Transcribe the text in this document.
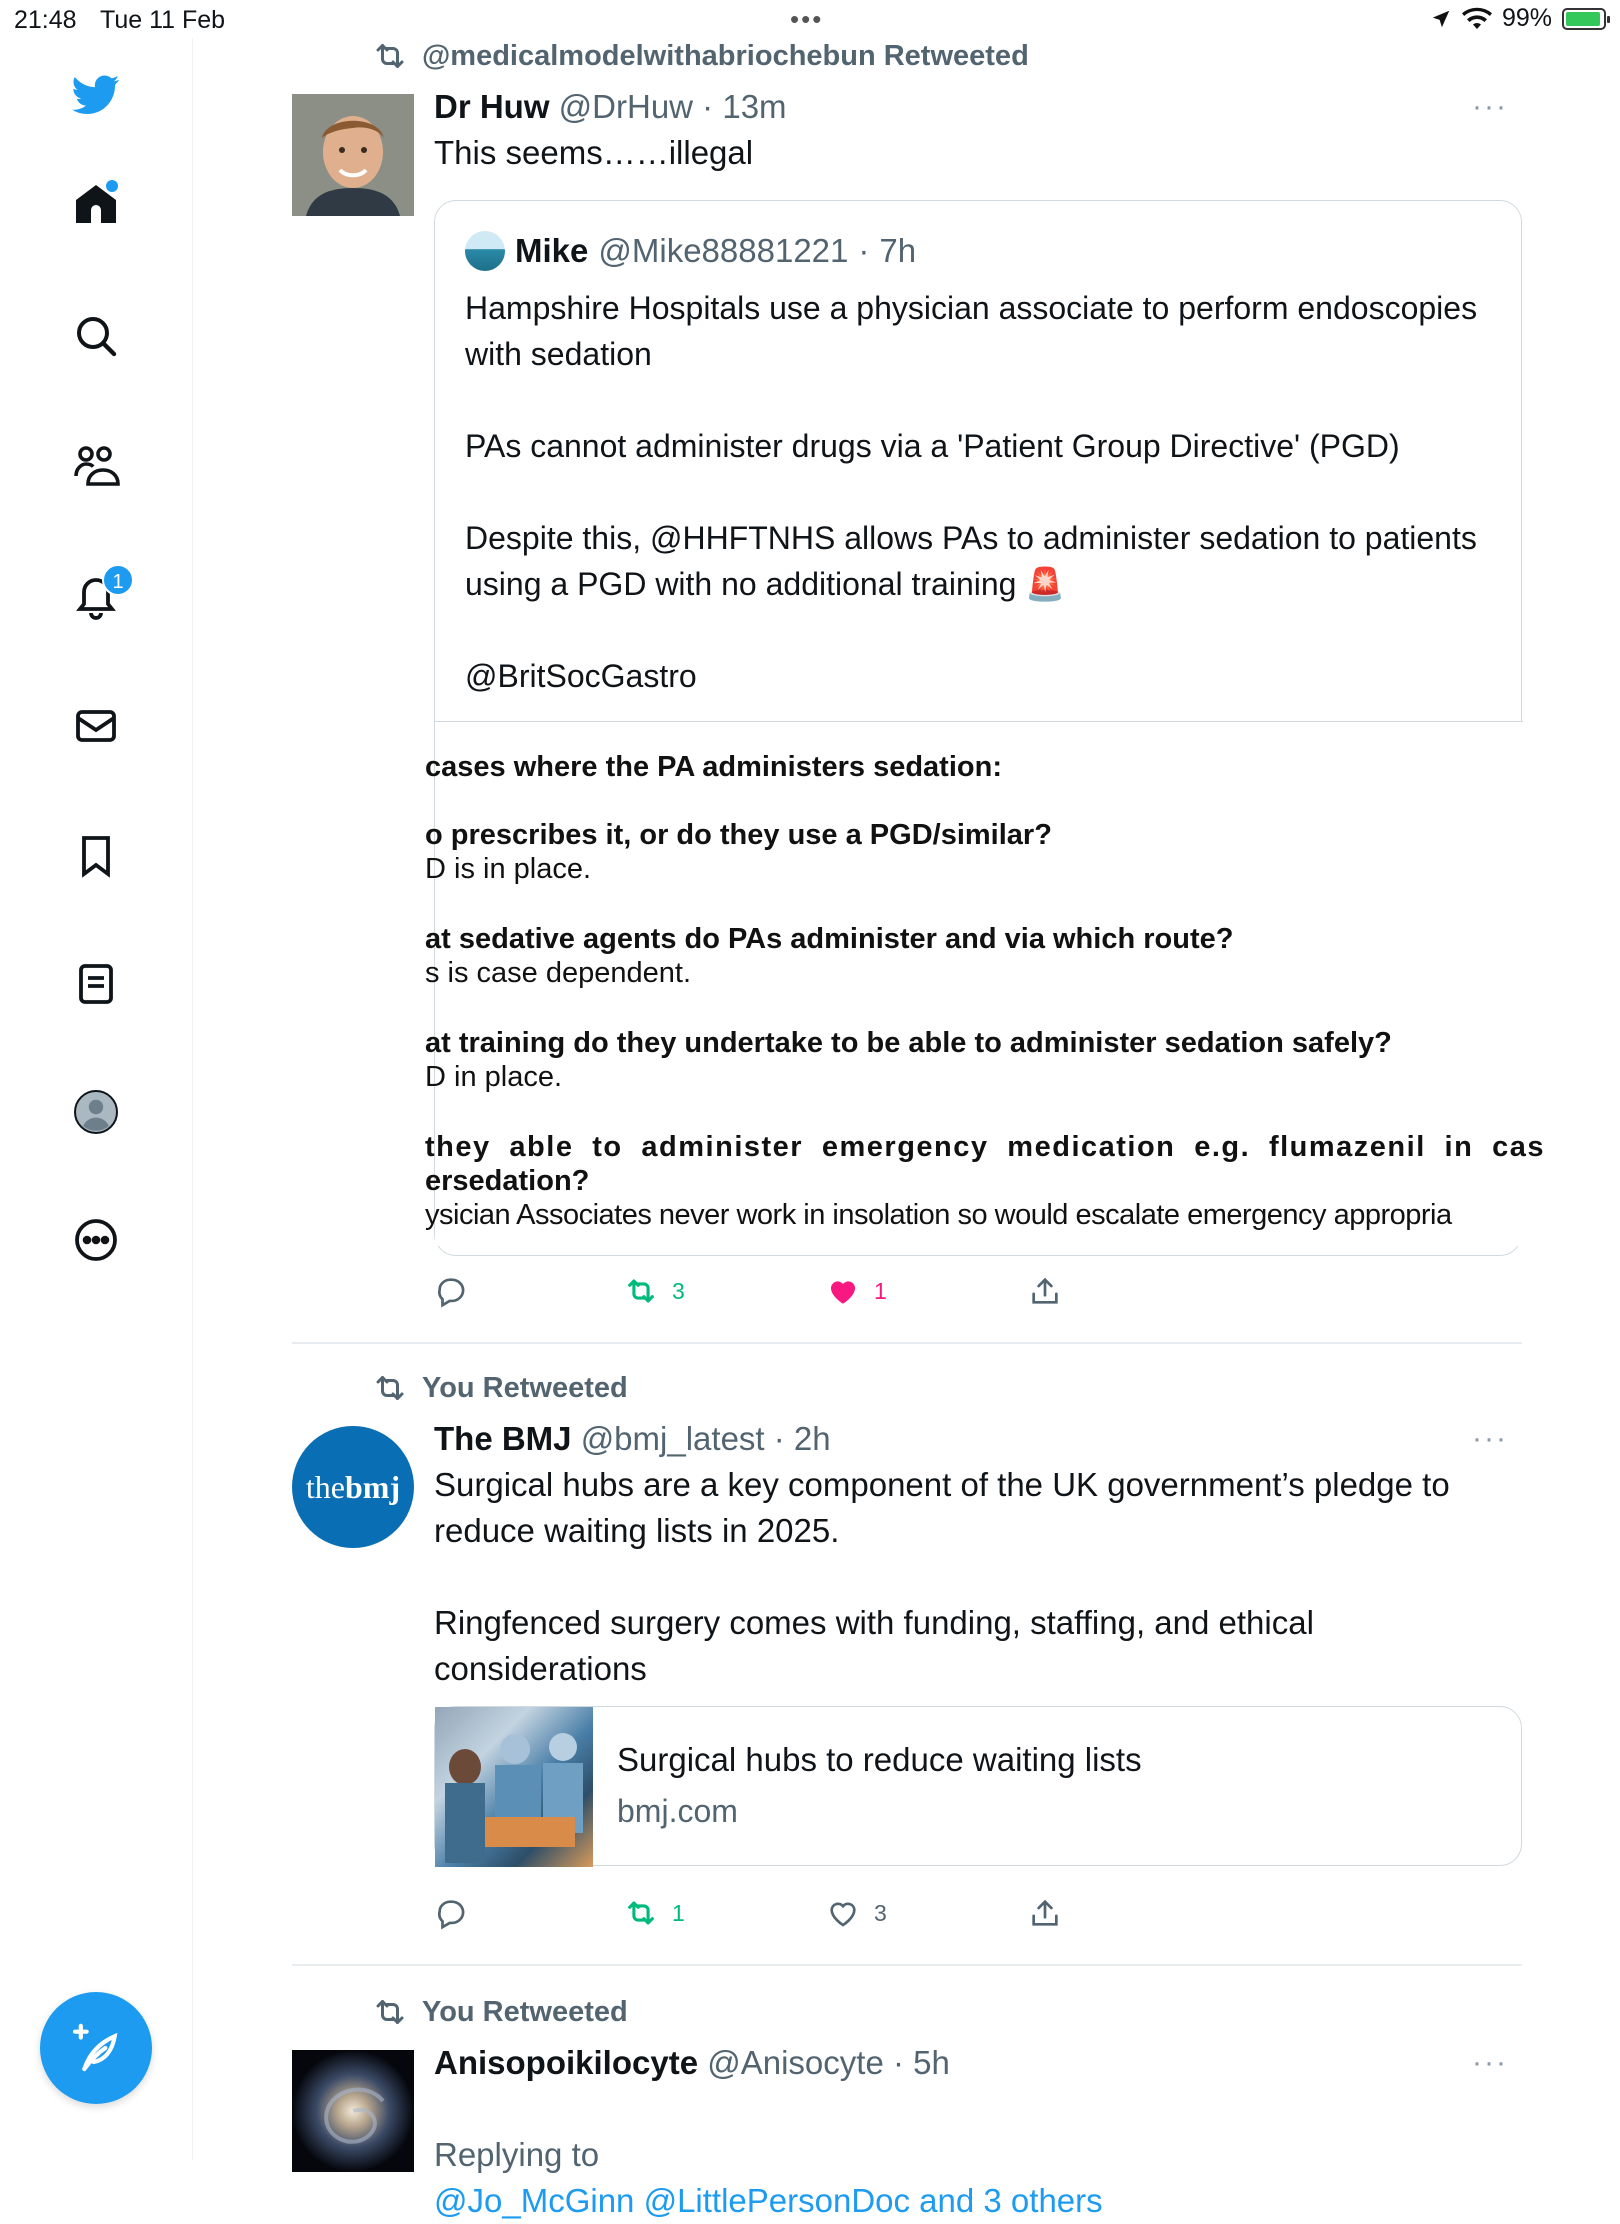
21:48 Tue 11 Feb	•••	99%
1
@medicalmodelwithabriochebun Retweeted
Dr Huw @DrHuw · 13m
This seems……illegal
Mike @Mike88881221 · 7h
Hampshire Hospitals use a physician associate to perform endoscopies with sedation

PAs cannot administer drugs via a 'Patient Group Directive' (PGD)

Despite this, @HHFTNHS allows PAs to administer sedation to patients using a PGD with no additional training 🚨

@BritSocGastro
cases where the PA administers sedation:
o prescribes it, or do they use a PGD/similar?
D is in place.
at sedative agents do PAs administer and via which route?
s is case dependent.
at training do they undertake to be able to administer sedation safely?
D in place.
they able to administer emergency medication e.g. flumazenil in cas
ersedation?
ysician Associates never work in insolation so would escalate emergency appropria
···
3	1
You Retweeted
the bmj
The BMJ @bmj_latest · 2h
Surgical hubs are a key component of the UK government’s pledge to reduce waiting lists in 2025.

Ringfenced surgery comes with funding, staffing, and ethical considerations
Surgical hubs to reduce waiting lists
bmj.com
···
1	3
You Retweeted
Anisopoikilocyte @Anisocyte · 5h

Replying to
@Jo_McGinn @LittlePersonDoc and 3 others

···
